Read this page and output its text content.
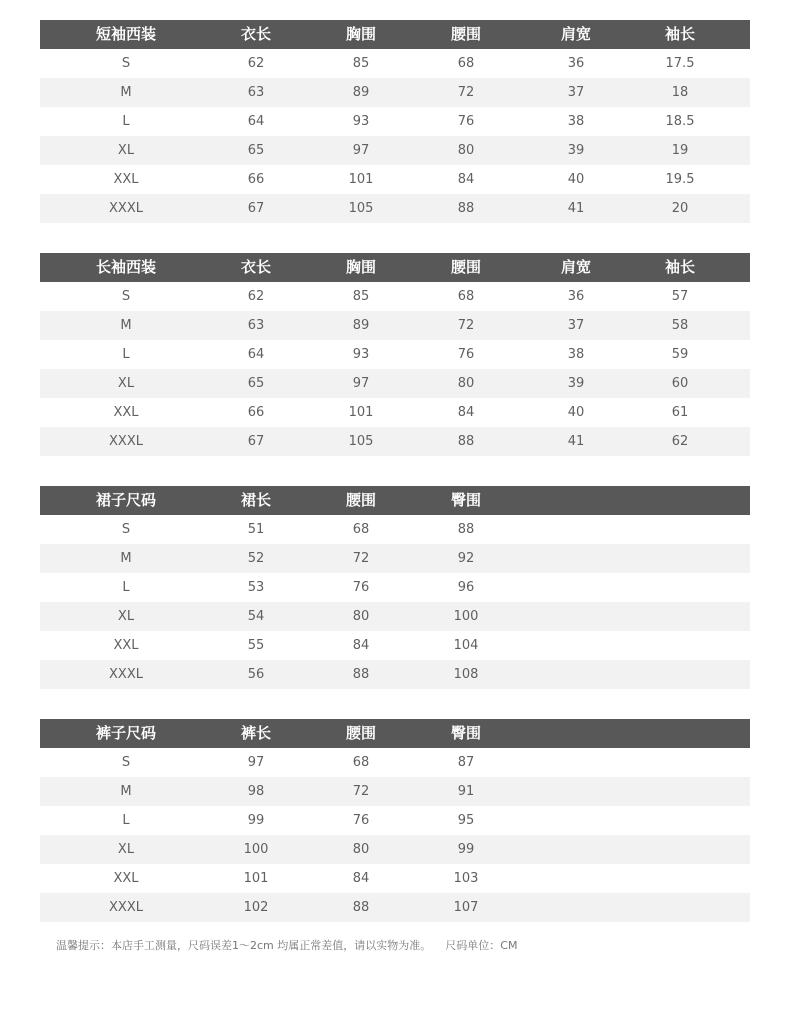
短袖西装	衣长	胸围	腰围	肩宽	袖长
S	62	85	68	36	17.5
M	63	89	72	37	18
L	64	93	76	38	18.5
XL	65	97	80	39	19
XXL	66	101	84	40	19.5
XXXL	67	105	88	41	20
长袖西装	衣长	胸围	腰围	肩宽	袖长
S	62	85	68	36	57
M	63	89	72	37	58
L	64	93	76	38	59
XL	65	97	80	39	60
XXL	66	101	84	40	61
XXXL	67	105	88	41	62
裙子尺码	裙长	腰围	臀围
S	51	68	88
M	52	72	92
L	53	76	96
XL	54	80	100
XXL	55	84	104
XXXL	56	88	108
裤子尺码	裤长	腰围	臀围
S	97	68	87
M	98	72	91
L	99	76	95
XL	100	80	99
XXL	101	84	103
XXXL	102	88	107
温馨提示：本店手工测量，尺码误差1～2cm 均属正常差值，请以实物为准。 尺码单位：CM
